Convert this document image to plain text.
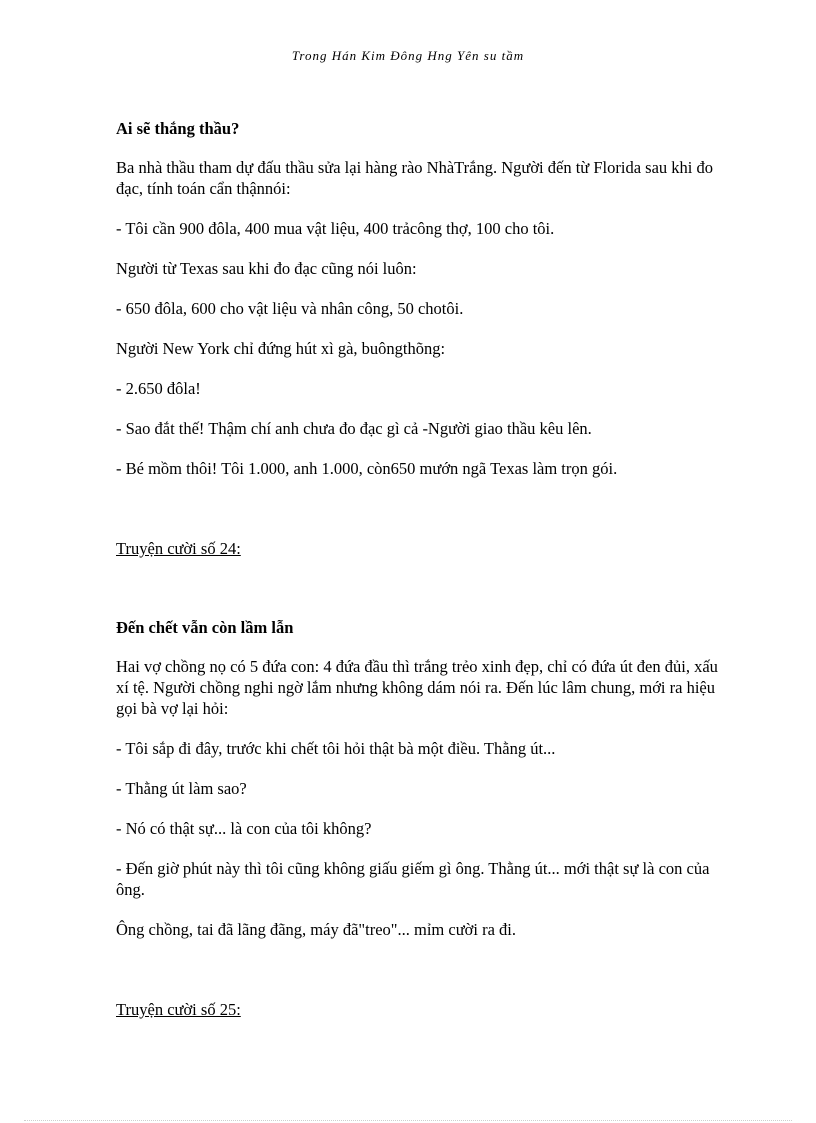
Trong Hán Kim Đông Hng Yên su tầm

Ai sẽ thắng thầu?

Ba nhà thầu tham dự đấu thầu sửa lại hàng rào NhàTrắng. Người đến từ Florida sau khi đo đạc, tính toán cẩn thậnnói:

- Tôi cần 900 đôla, 400 mua vật liệu, 400 trảcông thợ, 100 cho tôi.

Người từ Texas sau khi đo đạc cũng nói luôn:

- 650 đôla, 600 cho vật liệu và nhân công, 50 chotôi.

Người New York chỉ đứng hút xì gà, buôngthõng:

- 2.650 đôla!

- Sao đắt thế! Thậm chí anh chưa đo đạc gì cả -Người giao thầu kêu lên.

- Bé mồm thôi! Tôi 1.000, anh 1.000, còn650 mướn ngã Texas làm trọn gói.

Truyện cười số 24:

Đến chết vẫn còn lầm lẫn

Hai vợ chồng nọ có 5 đứa con: 4 đứa đầu thì trắng trẻo xinh đẹp, chỉ có đứa út đen đủi, xấu xí tệ. Người chồng nghi ngờ lắm nhưng không dám nói ra. Đến lúc lâm chung, mới ra hiệu gọi bà vợ lại hỏi:

- Tôi sắp đi đây, trước khi chết tôi hỏi thật bà một điều. Thằng út...

- Thằng út làm sao?

- Nó có thật sự... là con của tôi không?

- Đến giờ phút này thì tôi cũng không giấu giếm gì ông. Thằng út... mới thật sự là con của ông.

Ông chồng, tai đã lãng đãng, máy đã"treo"... mỉm cười ra đi.

Truyện cười số 25:
